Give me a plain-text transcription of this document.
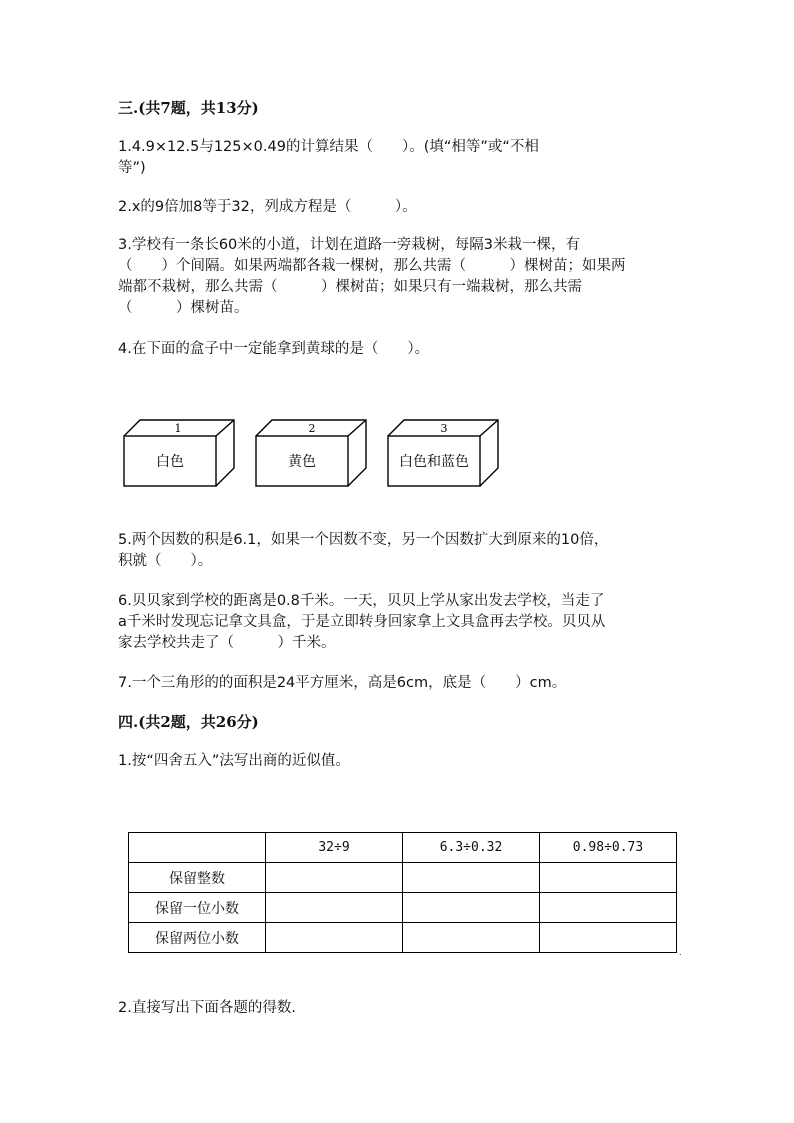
三.(共7题，共13分)

1.4.9×12.5与125×0.49的计算结果（　　）。(填“相等”或“不相

等”)

2.x的9倍加8等于32，列成方程是（　　　）。

3.学校有一条长60米的小道，计划在道路一旁栽树，每隔3米栽一棵，有

（　　）个间隔。如果两端都各栽一棵树，那么共需（　　　）棵树苗；如果两

端都不栽树，那么共需（　　　）棵树苗；如果只有一端栽树，那么共需

（　　　）棵树苗。

4.在下面的盒子中一定能拿到黄球的是（　　）。

1
白色
2
黄色
3
白色和蓝色

5.两个因数的积是6.1，如果一个因数不变，另一个因数扩大到原来的10倍，

积就（　　）。

6.贝贝家到学校的距离是0.8千米。一天，贝贝上学从家出发去学校，当走了

a千米时发现忘记拿文具盒，于是立即转身回家拿上文具盒再去学校。贝贝从

家去学校共走了（　　　）千米。

7.一个三角形的的面积是24平方厘米，高是6cm，底是（　　）cm。

四.(共2题，共26分)

1.按“四舍五入”法写出商的近似值。

	32÷9	6.3÷0.32	0.98÷0.73
保留整数			
保留一位小数			
保留两位小数			
.

2.直接写出下面各题的得数.
